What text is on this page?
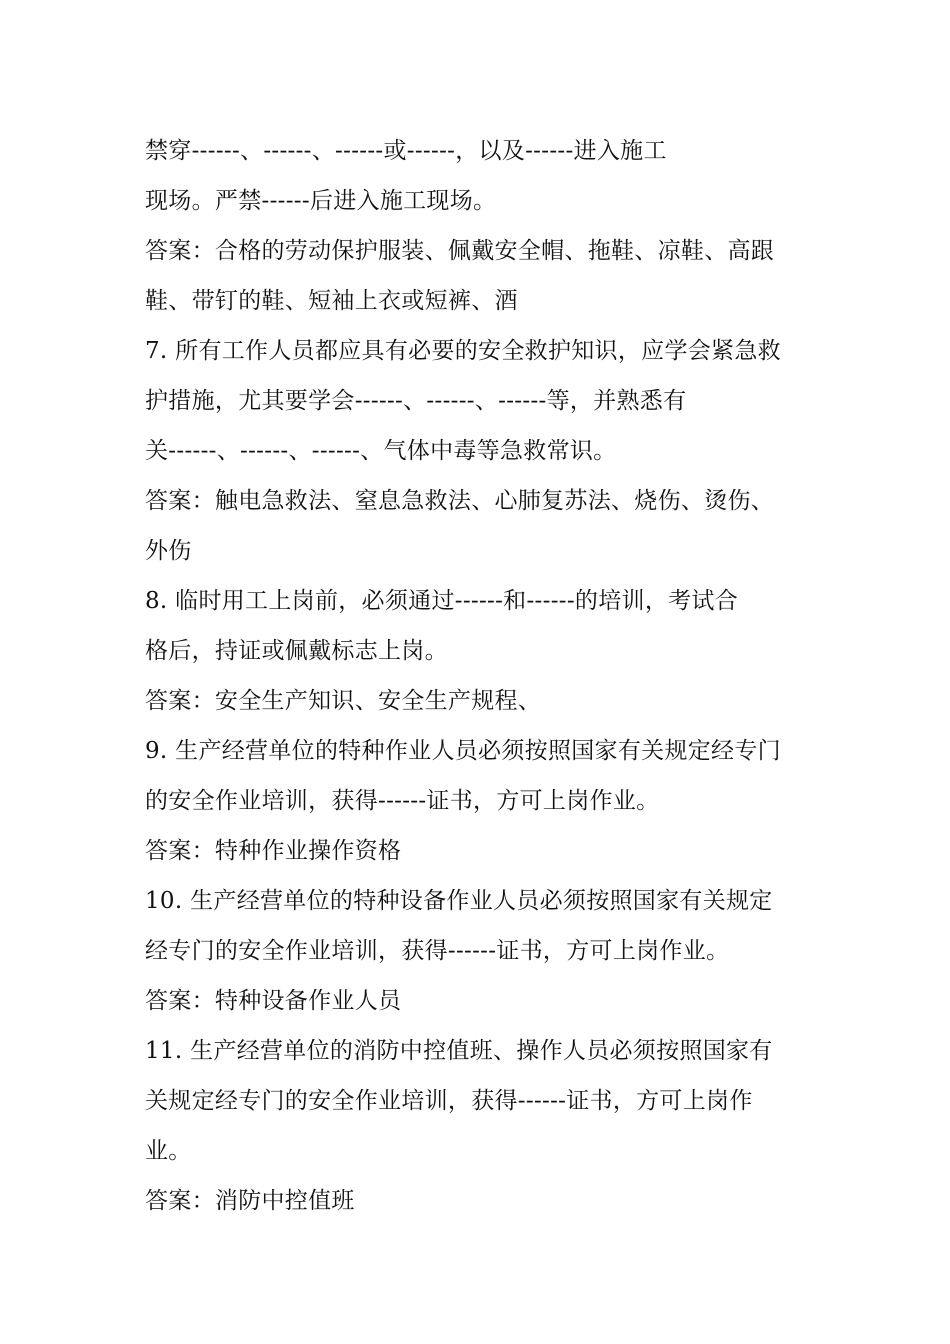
禁穿------、------、------或------，以及------进入施工
现场。严禁------后进入施工现场。
答案：合格的劳动保护服装、佩戴安全帽、拖鞋、凉鞋、高跟
鞋、带钉的鞋、短袖上衣或短裤、酒
7. 所有工作人员都应具有必要的安全救护知识，应学会紧急救
护措施，尤其要学会------、------、------等，并熟悉有
关------、------、------、气体中毒等急救常识。
答案：触电急救法、窒息急救法、心肺复苏法、烧伤、烫伤、
外伤
8. 临时用工上岗前，必须通过------和------的培训，考试合
格后，持证或佩戴标志上岗。
答案：安全生产知识、安全生产规程、
9. 生产经营单位的特种作业人员必须按照国家有关规定经专门
的安全作业培训，获得------证书，方可上岗作业。
答案：特种作业操作资格
10. 生产经营单位的特种设备作业人员必须按照国家有关规定
经专门的安全作业培训，获得------证书，方可上岗作业。
答案：特种设备作业人员
11. 生产经营单位的消防中控值班、操作人员必须按照国家有
关规定经专门的安全作业培训，获得------证书，方可上岗作
业。
答案：消防中控值班
